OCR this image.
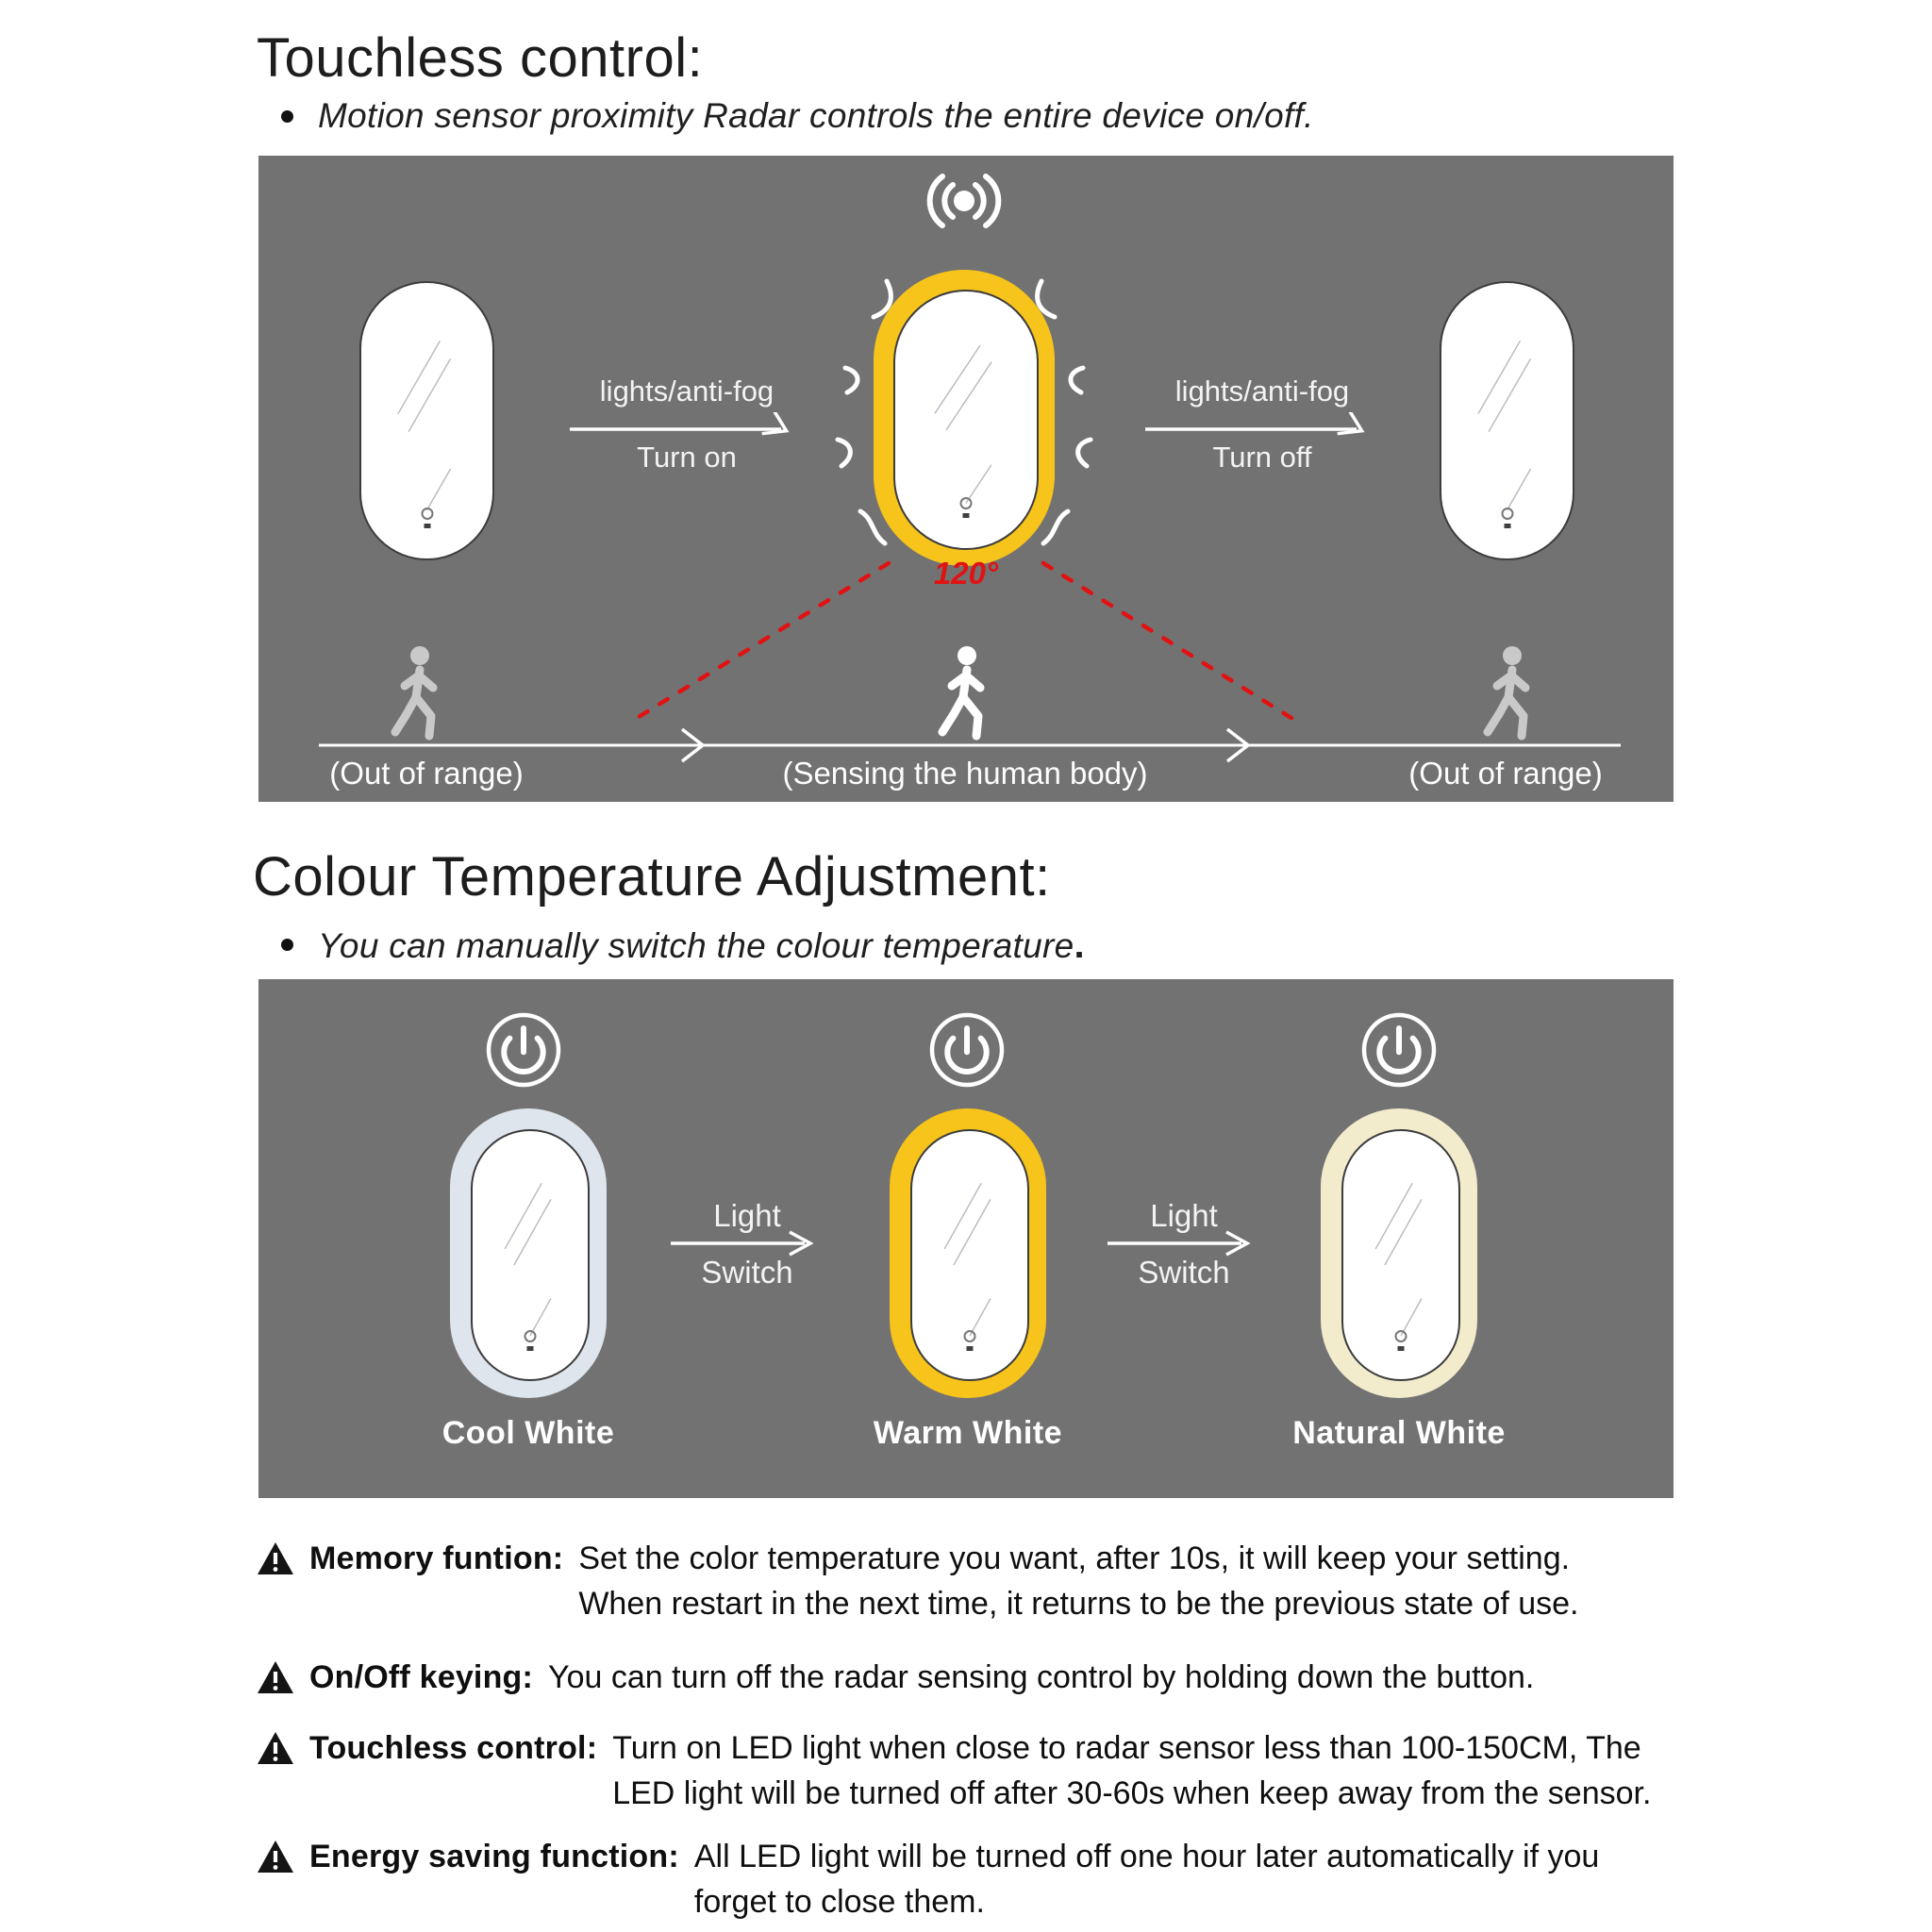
Touchless control:
Motion sensor proximity Radar controls the entire device on/off.
lights/anti-fog
Turn on
lights/anti-fog
Turn off
120°
(Out of range)	(Sensing the human body)	(Out of range)
Colour Temperature Adjustment:
You can manually switch the colour temperature.
Light
Switch
Light
Switch
Cool White	Warm White	Natural White
Memory funtion: Set the color temperature you want, after 10s, it will keep your setting.
When restart in the next time, it returns to be the previous state of use.
On/Off keying: You can turn off the radar sensing control by holding down the button.
Touchless control: Turn on LED light when close to radar sensor less than 100-150CM, The
LED light will be turned off after 30-60s when keep away from the sensor.
Energy saving function: All LED light will be turned off one hour later automatically if you
forget to close them.
